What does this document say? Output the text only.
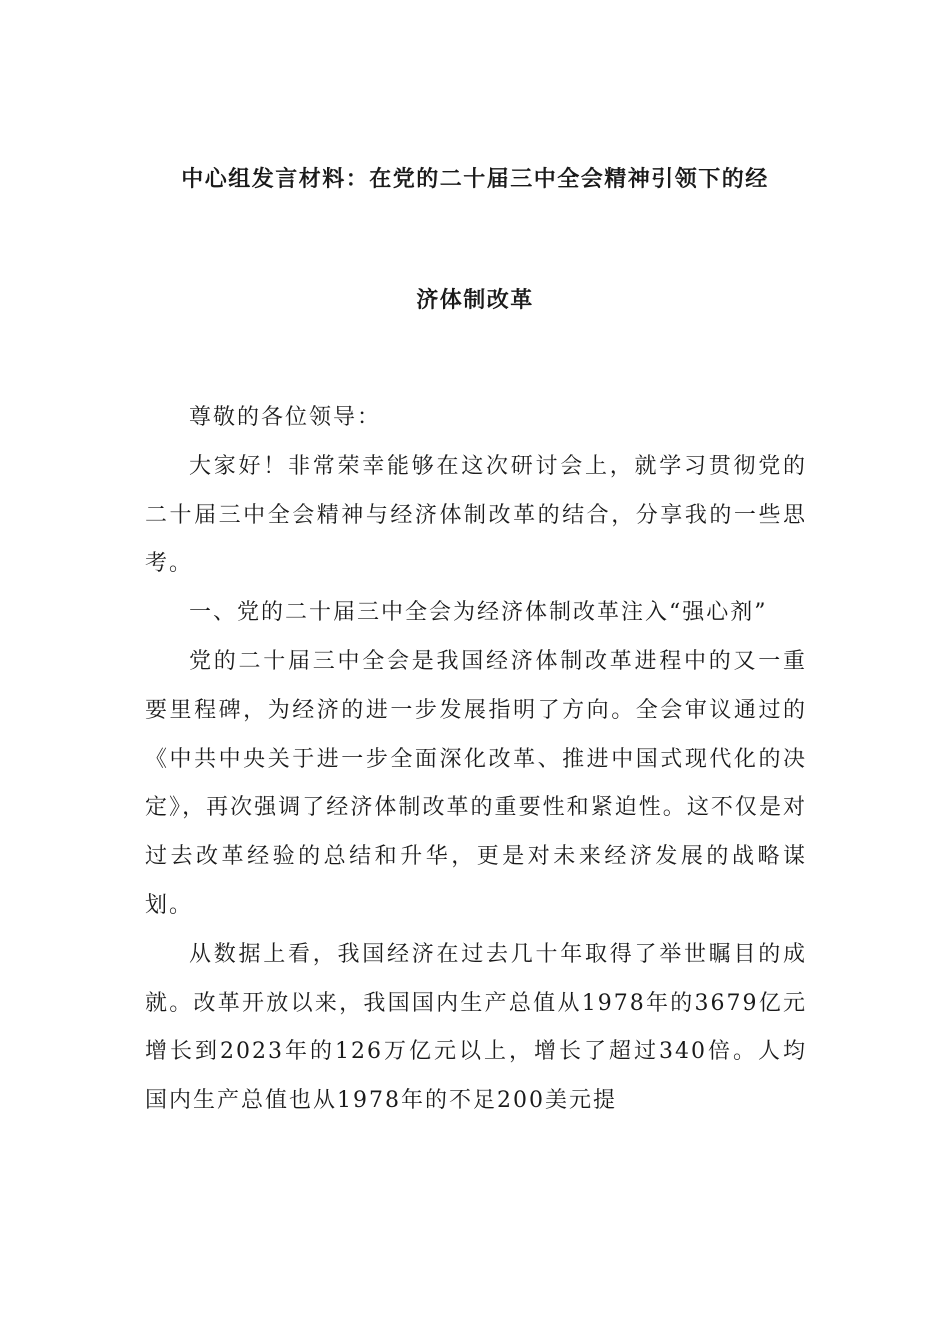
中心组发言材料：在党的二十届三中全会精神引领下的经
济体制改革

尊敬的各位领导：

大家好！非常荣幸能够在这次研讨会上，就学习贯彻党的二十届三中全会精神与经济体制改革的结合，分享我的一些思考。

一、党的二十届三中全会为经济体制改革注入“强心剂”

党的二十届三中全会是我国经济体制改革进程中的又一重要里程碑，为经济的进一步发展指明了方向。全会审议通过的《中共中央关于进一步全面深化改革、推进中国式现代化的决定》，再次强调了经济体制改革的重要性和紧迫性。这不仅是对过去改革经验的总结和升华，更是对未来经济发展的战略谋划。

从数据上看，我国经济在过去几十年取得了举世瞩目的成就。改革开放以来，我国国内生产总值从1978年的3679亿元增长到2023年的126万亿元以上，增长了超过340倍。人均国内生产总值也从1978年的不足200美元提
